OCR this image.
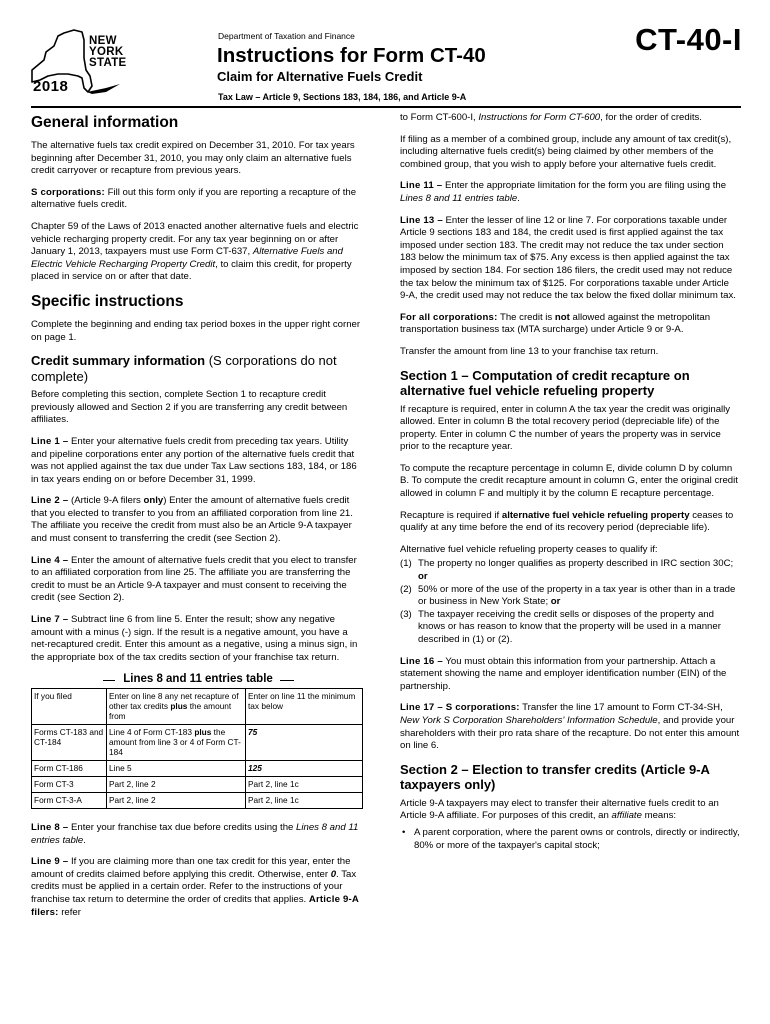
NEW
YORK
STATE
2018
Department of Taxation and Finance
Instructions for Form CT-40
Claim for Alternative Fuels Credit
Tax Law – Article 9, Sections 183, 184, 186, and Article 9-A
CT-40-I
General information

The alternative fuels tax credit expired on December 31, 2010. For tax years beginning after December 31, 2010, you may only claim an alternative fuels credit carryover or recapture from previous years.

S corporations: Fill out this form only if you are reporting a recapture of the alternative fuels credit.

Chapter 59 of the Laws of 2013 enacted another alternative fuels and electric vehicle recharging property credit. For any tax year beginning on or after January 1, 2013, taxpayers must use Form CT-637, Alternative Fuels and Electric Vehicle Recharging Property Credit, to claim this credit, for property placed in service on or after that date.

Specific instructions

Complete the beginning and ending tax period boxes in the upper right corner on page 1.

Credit summary information (S corporations do not complete)

Before completing this section, complete Section 1 to recapture credit previously allowed and Section 2 if you are transferring any credit between affiliates.

Line 1 – Enter your alternative fuels credit from preceding tax years. Utility and pipeline corporations enter any portion of the alternative fuels credit that was not applied against the tax due under Tax Law sections 183, 184, or 186 in tax years ending on or before December 31, 1999.

Line 2 – (Article 9-A filers only) Enter the amount of alternative fuels credit that you elected to transfer to you from an affiliated corporation from line 21. The affiliate you receive the credit from must also be an Article 9-A taxpayer and must consent to transferring the credit (see Section 2).

Line 4 – Enter the amount of alternative fuels credit that you elect to transfer to an affiliated corporation from line 25. The affiliate you are transferring the credit to must be an Article 9-A taxpayer and must consent to receiving the credit (see Section 2).

Line 7 – Subtract line 6 from line 5. Enter the result; show any negative amount with a minus (-) sign. If the result is a negative amount, you have a net-recaptured credit. Enter this amount as a negative, using a minus sign, in the appropriate box of the tax credits section of your franchise tax return.

Lines 8 and 11 entries table
If you filed	Enter on line 8 any net recapture of other tax credits plus the amount from	Enter on line 11 the minimum tax below
Forms CT-183 and CT-184	Line 4 of Form CT-183 plus the amount from line 3 or 4 of Form CT-184	75
Form CT-186	Line 5	125
Form CT-3	Part 2, line 2	Part 2, line 1c
Form CT-3-A	Part 2, line 2	Part 2, line 1c

Line 8 – Enter your franchise tax due before credits using the Lines 8 and 11 entries table.

Line 9 – If you are claiming more than one tax credit for this year, enter the amount of credits claimed before applying this credit. Otherwise, enter 0. Tax credits must be applied in a certain order. Refer to the instructions of your franchise tax return to determine the order of credits that applies. Article 9-A filers: refer

to Form CT-600-I, Instructions for Form CT-600, for the order of credits.

If filing as a member of a combined group, include any amount of tax credit(s), including alternative fuels credit(s) being claimed by other members of the combined group, that you wish to apply before your alternative fuels credit.

Line 11 – Enter the appropriate limitation for the form you are filing using the Lines 8 and 11 entries table.

Line 13 – Enter the lesser of line 12 or line 7. For corporations taxable under Article 9 sections 183 and 184, the credit used is first applied against the tax imposed under section 183. The credit may not reduce the tax under section 183 below the minimum tax of $75. Any excess is then applied against the tax imposed by section 184. For section 186 filers, the credit used may not reduce the tax below the minimum tax of $125. For corporations taxable under Article 9-A, the credit used may not reduce the tax below the fixed dollar minimum tax.

For all corporations: The credit is not allowed against the metropolitan transportation business tax (MTA surcharge) under Article 9 or 9-A.

Transfer the amount from line 13 to your franchise tax return.

Section 1 – Computation of credit recapture on alternative fuel vehicle refueling property

If recapture is required, enter in column A the tax year the credit was originally allowed. Enter in column B the total recovery period (depreciable life) of the property. Enter in column C the number of years the property was in service prior to the recapture year.

To compute the recapture percentage in column E, divide column D by column B. To compute the credit recapture amount in column G, enter the original credit allowed in column F and multiply it by the column E recapture percentage.

Recapture is required if alternative fuel vehicle refueling property ceases to qualify at any time before the end of its recovery period (depreciable life).

Alternative fuel vehicle refueling property ceases to qualify if:

(1) The property no longer qualifies as property described in IRC section 30C; or
(2) 50% or more of the use of the property in a tax year is other than in a trade or business in New York State; or
(3) The taxpayer receiving the credit sells or disposes of the property and knows or has reason to know that the property will be used in a manner described in (1) or (2).

Line 16 – You must obtain this information from your partnership. Attach a statement showing the name and employer identification number (EIN) of the partnership.

Line 17 – S corporations: Transfer the line 17 amount to Form CT-34-SH, New York S Corporation Shareholders' Information Schedule, and provide your shareholders with their pro rata share of the recapture. Do not enter this amount on line 6.

Section 2 – Election to transfer credits (Article 9-A taxpayers only)

Article 9-A taxpayers may elect to transfer their alternative fuels credit to an Article 9-A affiliate. For purposes of this credit, an affiliate means:

• A parent corporation, where the parent owns or controls, directly or indirectly, 80% or more of the taxpayer's capital stock;
